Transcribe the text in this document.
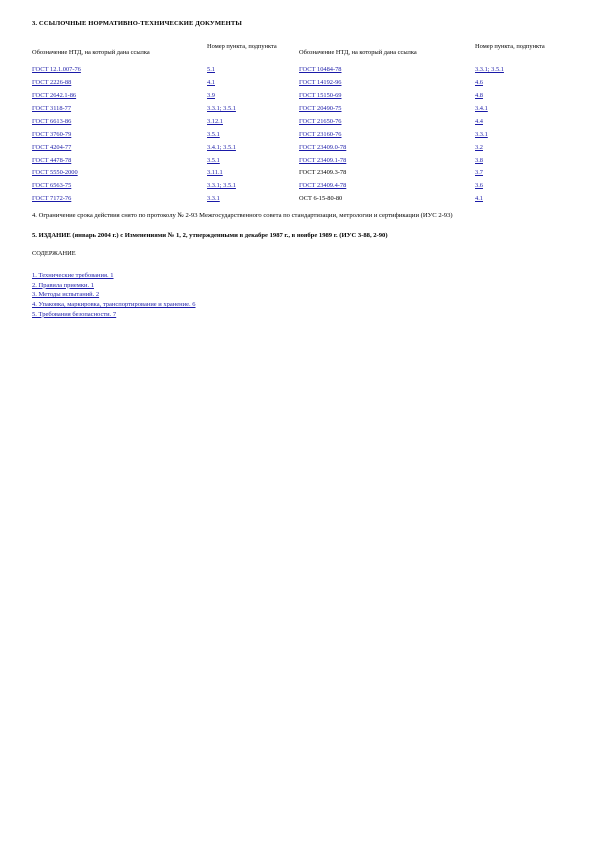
3. ССЫЛОЧНЫЕ НОРМАТИВНО-ТЕХНИЧЕСКИЕ ДОКУМЕНТЫ
Обозначение НТД, на который дана ссылка	Номер пункта, подпункта	Обозначение НТД, на который дана ссылка	Номер пункта, подпункта
ГОСТ 12.1.007-76	5.1	ГОСТ 10484-78	3.3.1; 3.5.1
ГОСТ 2226-88	4.1	ГОСТ 14192-96	4.6
ГОСТ 2642.1-86	3.9	ГОСТ 15150-69	4.8
ГОСТ 3118-77	3.3.1; 3.5.1	ГОСТ 20490-75	3.4.1
ГОСТ 6613-86	3.12.1	ГОСТ 21650-76	4.4
ГОСТ 3760-79	3.5.1	ГОСТ 23160-76	3.3.1
ГОСТ 4204-77	3.4.1; 3.5.1	ГОСТ 23409.0-78	3.2
ГОСТ 4478-78	3.5.1	ГОСТ 23409.1-78	3.8
ГОСТ 5550-2000	3.11.1	ГОСТ 23409.3-78	3.7
ГОСТ 6563-75	3.3.1; 3.5.1	ГОСТ 23409.4-78	3.6
ГОСТ 7172-76	3.3.1	ОСТ 6-15-80-80	4.1

4. Ограничение срока действия снято по протоколу № 2-93 Межгосударственного совета по стандартизации, метрологии и сертификации (ИУС 2-93)

5. ИЗДАНИЕ (январь 2004 г.) с Изменениями № 1, 2, утвержденными в декабре 1987 г., в ноябре 1989 г. (ИУС 3-88, 2-90)

СОДЕРЖАНИЕ
1. Технические требования. 1
2. Правила приемки. 1
3. Методы испытаний. 2
4. Упаковка, маркировка, транспортирование и хранение. 6
5. Требования безопасности. 7
